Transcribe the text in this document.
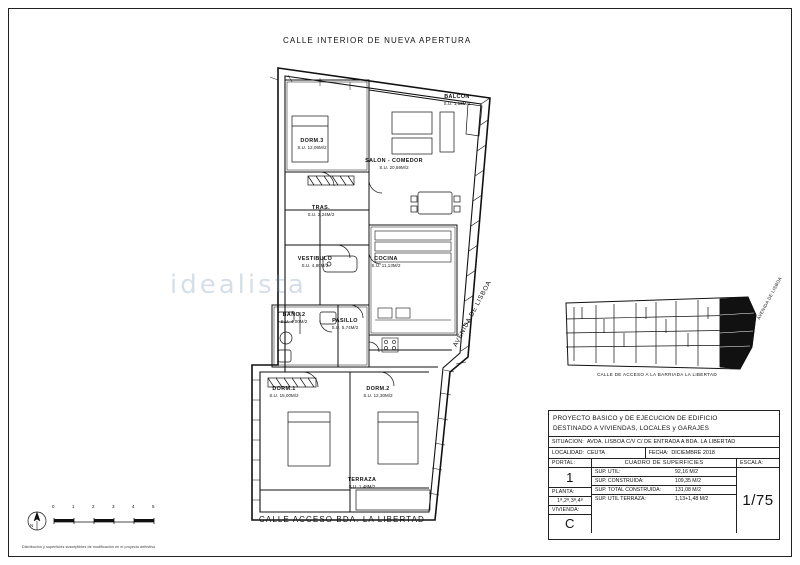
CALLE INTERIOR DE NUEVA APERTURA
CALLE ACCESO BDA. LA LIBERTAD
AVENIDA DE LISBOA
idealista
DORM.3
S.U. 12,06M/2
SALON - COMEDOR
S.U. 20,59M/2
TRAS.
S.U. 2,24M/2
COCINA
S.U. 11,13M/2
VESTIBULO
S.U. 4,80M/2
BAÑO.2
S.U. 4,00M/2	PASILLO
S.U. 5,74M/2
DORM.1
S.U. 15,00M/2
DORM.2
S.U. 12,30M/2
TERRAZA
S.U. 1,48M/2
BALCON
S.U. 1,13M/2
CALLE DE ACCESO A LA BARRIADA LA LIBERTAD
AVENIDA DE LISBOA
PROYECTO BASICO y DE EJECUCION DE EDIFICIO
DESTINADO A VIVIENDAS, LOCALES y GARAJES
SITUACION: AVDA. LISBOA C/V C/ DE ENTRADA A BDA. LA LIBERTAD
LOCALIDAD: CEUTA	FECHA: DICIEMBRE 2018
PORTAL:
1
PLANTA:
1ª,2ª,3ª,4ª
VIVIENDA:
C
CUADRO DE SUPERFICIES
SUP. UTIL:	92,16 M/2
SUP. CONSTRUIDA:	109,35 M/2
SUP. TOTAL CONSTRUIDA:	131,08 M/2
SUP. UTIL TERRAZA:	1,13+1,48 M/2
ESCALA:
1/75
N
0	1	2	3	4	5
Distribución y superficies susceptibles de modificación en el proyecto definitivo
